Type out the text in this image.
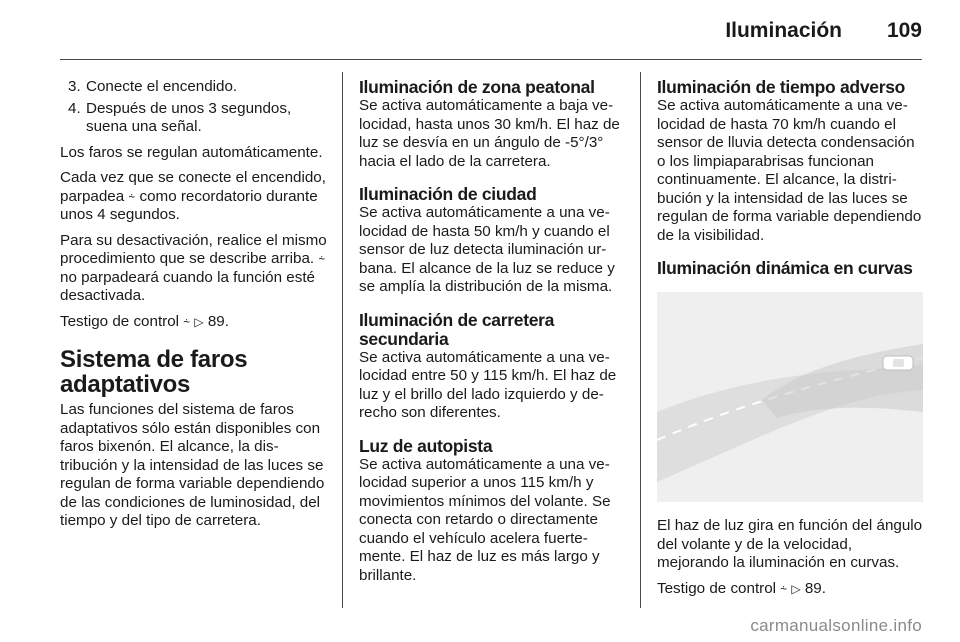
Iluminación 109
3. Conecte el encendido.
4. Después de unos 3 segundos, suena una señal.

Los faros se regulan automáticamente.

Cada vez que se conecte el encendido, parpadea ⸞ como recordatorio durante unos 4 segundos.

Para su desactivación, realice el mismo procedimiento que se describe arriba. ⸞ no parpadeará cuando la función esté desactivada.

Testigo de control ⸞ ▷ 89.

Sistema de faros adaptativos

Las funciones del sistema de faros adaptativos sólo están disponibles con faros bixenón. El alcance, la distribución y la intensidad de las luces se regulan de forma variable dependiendo de las condiciones de luminosidad, del tiempo y del tipo de carretera.

Iluminación de zona peatonal

Se activa automáticamente a baja velocidad, hasta unos 30 km/h. El haz de luz se desvía en un ángulo de -5°/3° hacia el lado de la carretera.

Iluminación de ciudad

Se activa automáticamente a una velocidad de hasta 50 km/h y cuando el sensor de luz detecta iluminación urbana. El alcance de la luz se reduce y se amplía la distribución de la misma.

Iluminación de carretera secundaria

Se activa automáticamente a una velocidad entre 50 y 115 km/h. El haz de luz y el brillo del lado izquierdo y derecho son diferentes.

Luz de autopista

Se activa automáticamente a una velocidad superior a unos 115 km/h y movimientos mínimos del volante. Se conecta con retardo o directamente cuando el vehículo acelera fuertemente. El haz de luz es más largo y brillante.

Iluminación de tiempo adverso

Se activa automáticamente a una velocidad de hasta 70 km/h cuando el sensor de lluvia detecta condensación o los limpiaparabrisas funcionan continuamente. El alcance, la distribución y la intensidad de las luces se regulan de forma variable dependiendo de la visibilidad.

Iluminación dinámica en curvas

El haz de luz gira en función del ángulo del volante y de la velocidad, mejorando la iluminación en curvas.

Testigo de control ⸞ ▷ 89.

carmanualsonline.info
